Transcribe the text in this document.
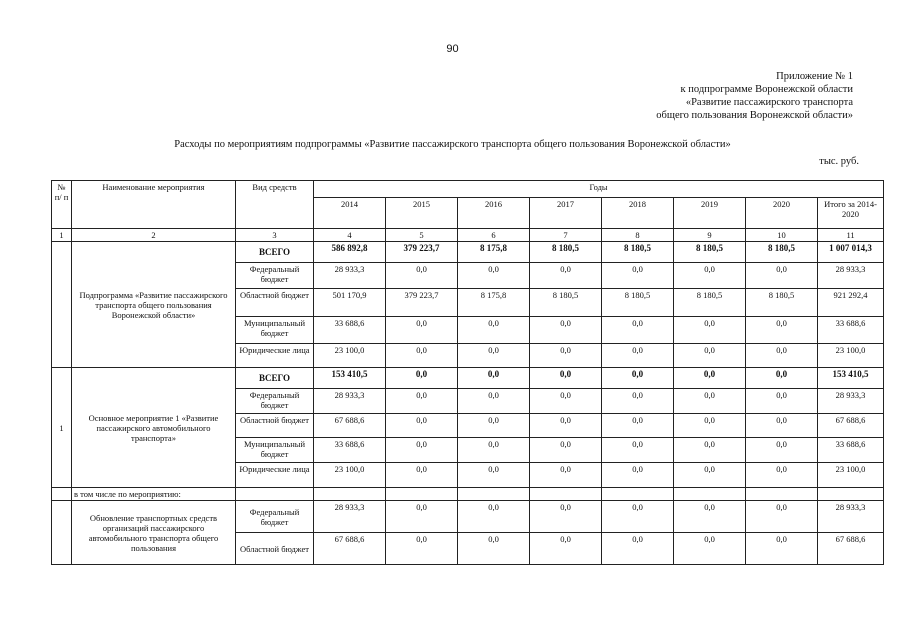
90
Приложение № 1
к подпрограмме Воронежской области
«Развитие пассажирского транспорта
общего пользования Воронежской области»
Расходы по мероприятиям подпрограммы «Развитие пассажирского транспорта общего пользования Воронежской области»
тыс. руб.
№ п/ п	Наименование мероприятия	Вид средств	Годы							
			2014	2015	2016	2017	2018	2019	2020	Итого за 2014-2020
1	2	3	4	5	6	7	8	9	10	11
	Подпрограмма «Развитие пассажирского транспорта общего пользования Воронежской области»	ВСЕГО	586 892,8	379 223,7	8 175,8	8 180,5	8 180,5	8 180,5	8 180,5	1 007 014,3
		Федеральный бюджет	28 933,3	0,0	0,0	0,0	0,0	0,0	0,0	28 933,3
		Областной бюджет	501 170,9	379 223,7	8 175,8	8 180,5	8 180,5	8 180,5	8 180,5	921 292,4
		Муниципальный бюджет	33 688,6	0,0	0,0	0,0	0,0	0,0	0,0	33 688,6
		Юридические лица	23 100,0	0,0	0,0	0,0	0,0	0,0	0,0	23 100,0
1	Основное мероприятие 1 «Развитие пассажирского автомобильного транспорта»	ВСЕГО	153 410,5	0,0	0,0	0,0	0,0	0,0	0,0	153 410,5
		Федеральный бюджет	28 933,3	0,0	0,0	0,0	0,0	0,0	0,0	28 933,3
		Областной бюджет	67 688,6	0,0	0,0	0,0	0,0	0,0	0,0	67 688,6
		Муниципальный бюджет	33 688,6	0,0	0,0	0,0	0,0	0,0	0,0	33 688,6
		Юридические лица	23 100,0	0,0	0,0	0,0	0,0	0,0	0,0	23 100,0
	в том числе по мероприятию:									
	Обновление транспортных средств организаций пассажирского автомобильного транспорта общего пользования	Федеральный бюджет	28 933,3	0,0	0,0	0,0	0,0	0,0	0,0	28 933,3
		Областной бюджет	67 688,6	0,0	0,0	0,0	0,0	0,0	0,0	67 688,6
